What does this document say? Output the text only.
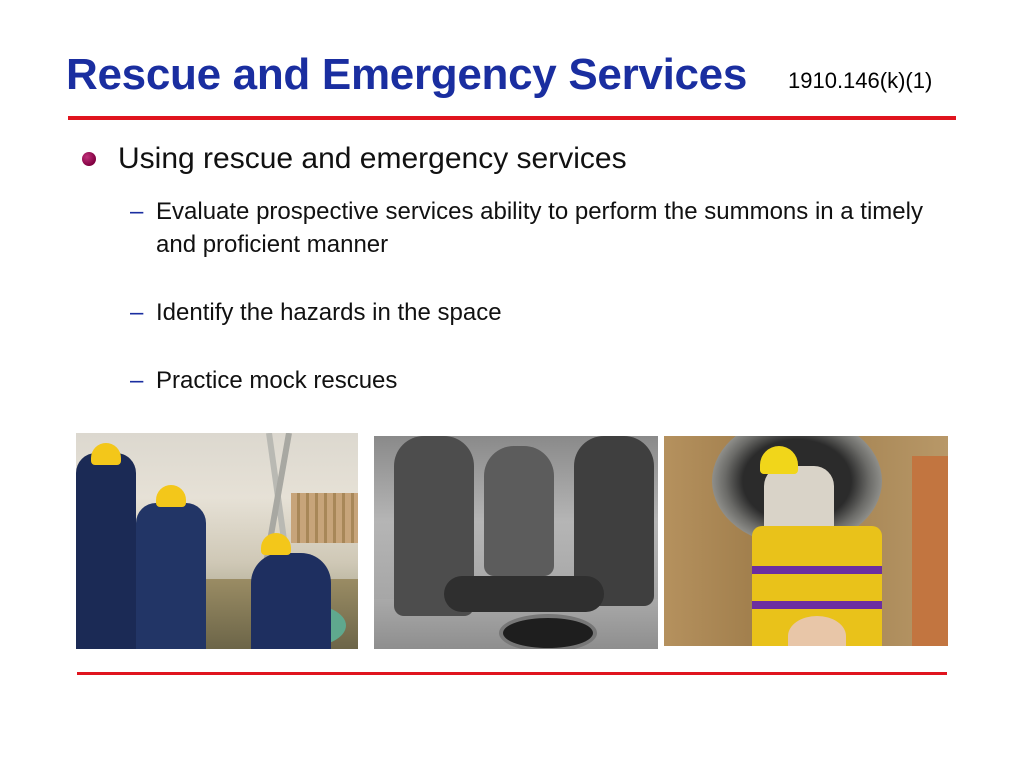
Rescue and Emergency Services 1910.146(k)(1)
Using rescue and emergency services
– Evaluate prospective services ability to perform the summons in a timely and proficient manner
– Identify the hazards in the space
– Practice mock rescues
